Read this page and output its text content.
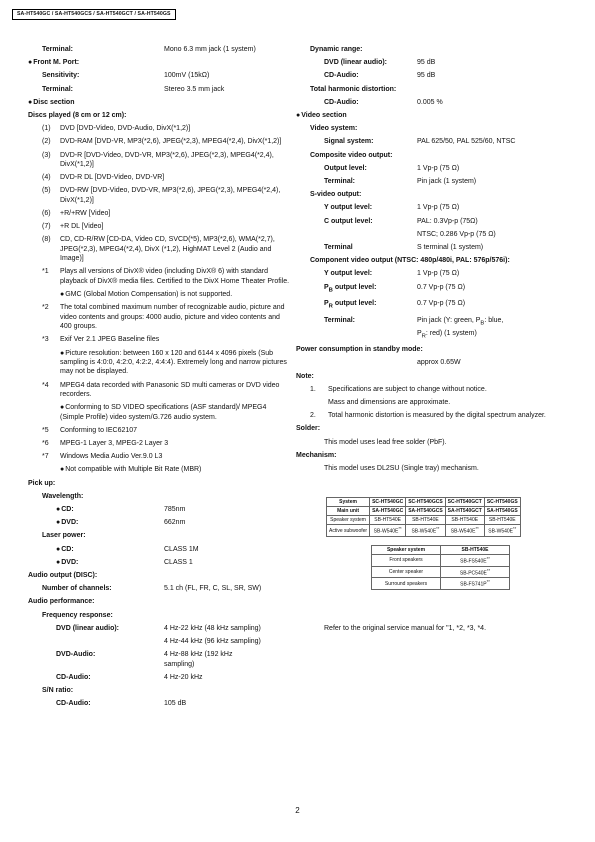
SA-HT540GC / SA-HT540GCS / SA-HT540GCT / SA-HT540GS
Terminal:	Mono 6.3 mm jack (1 system)
● Front M. Port:
Sensitivity:	100mV (15kΩ)
Terminal:	Stereo 3.5 mm jack
● Disc section
Discs played (8 cm or 12 cm):
(1)	DVD [DVD-Video, DVD-Audio, DivX(*1,2)]
(2)	DVD-RAM [DVD-VR, MP3(*2,6), JPEG(*2,3), MPEG4(*2,4), DivX(*1,2)]
(3)	DVD-R [DVD-Video, DVD-VR, MP3(*2,6), JPEG(*2,3), MPEG4(*2,4), DivX(*1,2)]
(4)	DVD-R DL [DVD-Video, DVD-VR]
(5)	DVD-RW [DVD-Video, DVD-VR, MP3(*2,6), JPEG(*2,3), MPEG4(*2,4), DivX(*1,2)]
(6)	+R/+RW [Video]
(7)	+R DL [Video]
(8)	CD, CD-R/RW [CD-DA, Video CD, SVCD(*5), MP3(*2,6), WMA(*2,7), JPEG(*2,3), MPEG4(*2,4), DivX (*1,2), HighMAT Level 2 (Audio and Image)]
*1	Plays all versions of DivX® video (including DivX® 6) with standard playback of DivX® media files. Certified to the DivX Home Theater Profile.
● GMC (Global Motion Compensation) is not supported.
*2	The total combined maximum number of recognizable audio, picture and video contents and groups: 4000 audio, picture and video contents and 400 groups.
*3	Exif Ver 2.1 JPEG Baseline files
● Picture resolution: between 160 x 120 and 6144 x 4096 pixels (Sub sampling is 4:0:0, 4:2:0, 4:2:2, 4:4:4). Extremely long and narrow pictures may not be displayed.
*4	MPEG4 data recorded with Panasonic SD multi cameras or DVD video recorders.
● Conforming to SD VIDEO specifications (ASF standard)/ MPEG4 (Simple Profile) video system/G.726 audio system.
*5	Conforming to IEC62107
*6	MPEG-1 Layer 3, MPEG-2 Layer 3
*7	Windows Media Audio Ver.9.0 L3
● Not compatible with Multiple Bit Rate (MBR)
Pick up:
Wavelength:
● CD:	785nm
● DVD:	662nm
Laser power:
● CD:	CLASS 1M
● DVD:	CLASS 1
Audio output (DISC):
Number of channels:	5.1 ch (FL, FR, C, SL, SR, SW)
Audio performance:
Frequency response:
DVD (linear audio):	4 Hz-22 kHz (48 kHz sampling)
4 Hz-44 kHz (96 kHz sampling)
DVD-Audio:	4 Hz-88 kHz (192 kHz sampling)
CD-Audio:	4 Hz-20 kHz
S/N ratio:
CD-Audio:	105 dB
Dynamic range:
DVD (linear audio):	95 dB
CD-Audio:	95 dB
Total harmonic distortion:
CD-Audio:	0.005 %
● Video section
Video system:
Signal system:	PAL 625/50, PAL 525/60, NTSC
Composite video output:
Output level:	1 Vp-p (75 Ω)
Terminal:	Pin jack (1 system)
S-video output:
Y output level:	1 Vp-p (75 Ω)
C output level:	PAL: 0.3Vp-p (75Ω)
NTSC; 0.286 Vp-p (75 Ω)
Terminal	S terminal (1 system)
Component video output (NTSC: 480p/480i, PAL: 576p/576i):
Y output level:	1 Vp-p (75 Ω)
$P_B$ output level:	0.7 Vp-p (75 Ω)
$P_R$ output level:	0.7 Vp-p (75 Ω)
Terminal:	Pin jack (Y: green, $P_B$: blue,
$P_R$: red) (1 system)
Power consumption in standby mode:
approx 0.65W
Note:
1.	Specifications are subject to change without notice.

Mass and dimensions are approximate.
2.	Total harmonic distortion is measured by the digital spectrum analyzer.
Solder:
This model uses lead free solder (PbF).
Mechanism:
This model uses DL2SU (Single tray) mechanism.
System	SC-HT540GC	SC-HT540GCS	SC-HT540GCT	SC-HT540GS
Main unit	SA-HT540GC	SA-HT540GCS	SA-HT540GCT	SA-HT540GS
Speaker system	SB-HT540E	SB-HT540E	SB-HT540E	SB-HT540E
Active subwoofer	SB-W540E**	SB-W540E**	SB-W540E**	SB-W540E**
Speaker system	SB-HT540E
Front speakers	SB-FS540E**
Center speaker	SB-PC540E**
Surround speakers	SB-FS741P**
Refer to the original service manual for "1, *2, *3, *4.
2
